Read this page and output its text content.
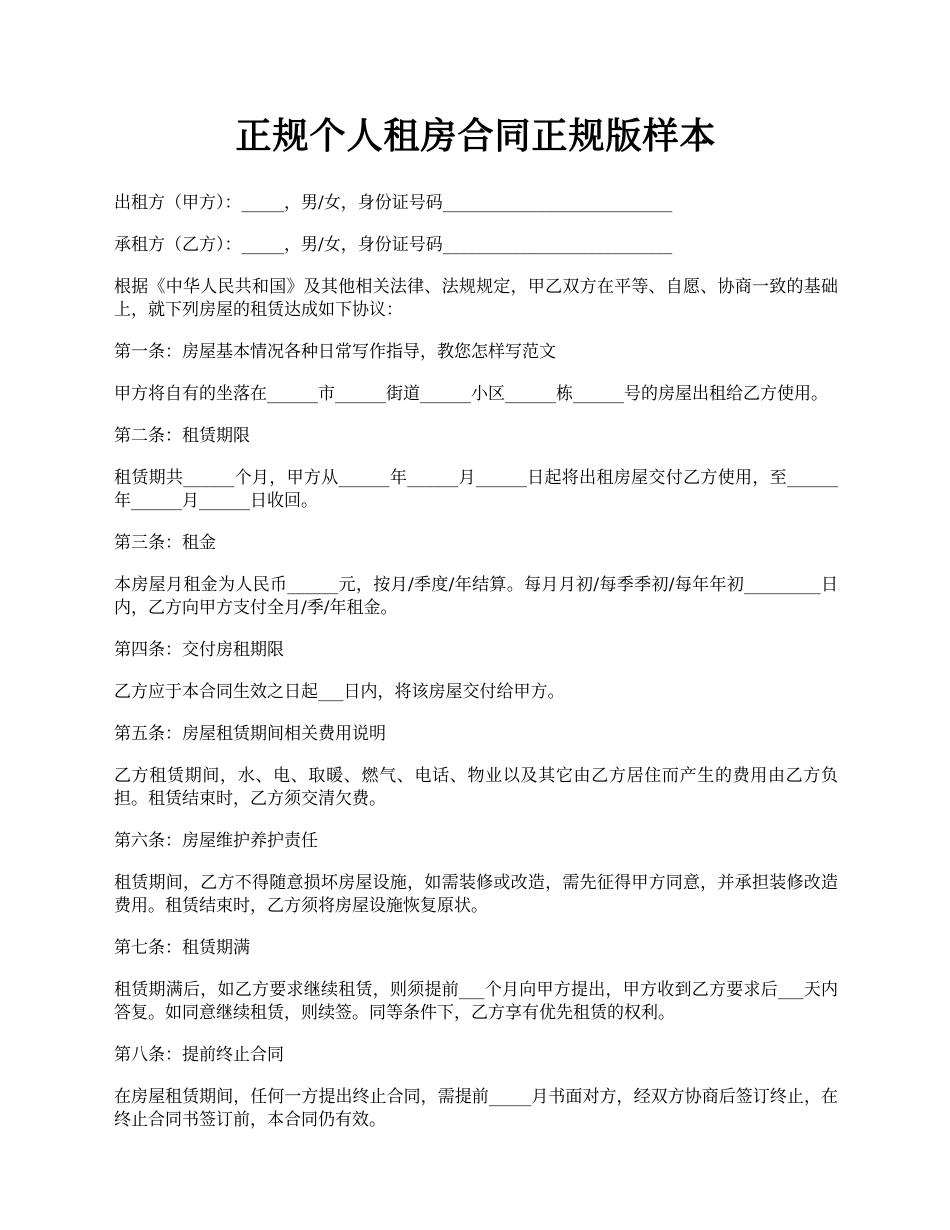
正规个人租房合同正规版样本

出租方（甲方）：_____，男/女，身份证号码___________________________

承租方（乙方）：_____，男/女，身份证号码___________________________

根据《中华人民共和国》及其他相关法律、法规规定，甲乙双方在平等、自愿、协商一致的基础上，就下列房屋的租赁达成如下协议：

第一条：房屋基本情况各种日常写作指导，教您怎样写范文

甲方将自有的坐落在______市______街道______小区______栋______号的房屋出租给乙方使用。

第二条：租赁期限

租赁期共______个月，甲方从______年______月______日起将出租房屋交付乙方使用，至______年______月______日收回。

第三条：租金

本房屋月租金为人民币______元，按月/季度/年结算。每月月初/每季季初/每年年初_________日内，乙方向甲方支付全月/季/年租金。

第四条：交付房租期限

乙方应于本合同生效之日起___日内，将该房屋交付给甲方。

第五条：房屋租赁期间相关费用说明

乙方租赁期间，水、电、取暖、燃气、电话、物业以及其它由乙方居住而产生的费用由乙方负担。租赁结束时，乙方须交清欠费。

第六条：房屋维护养护责任

租赁期间，乙方不得随意损坏房屋设施，如需装修或改造，需先征得甲方同意，并承担装修改造费用。租赁结束时，乙方须将房屋设施恢复原状。

第七条：租赁期满

租赁期满后，如乙方要求继续租赁，则须提前___个月向甲方提出，甲方收到乙方要求后___天内答复。如同意继续租赁，则续签。同等条件下，乙方享有优先租赁的权利。

第八条：提前终止合同

在房屋租赁期间，任何一方提出终止合同，需提前_____月书面对方，经双方协商后签订终止，在终止合同书签订前，本合同仍有效。
